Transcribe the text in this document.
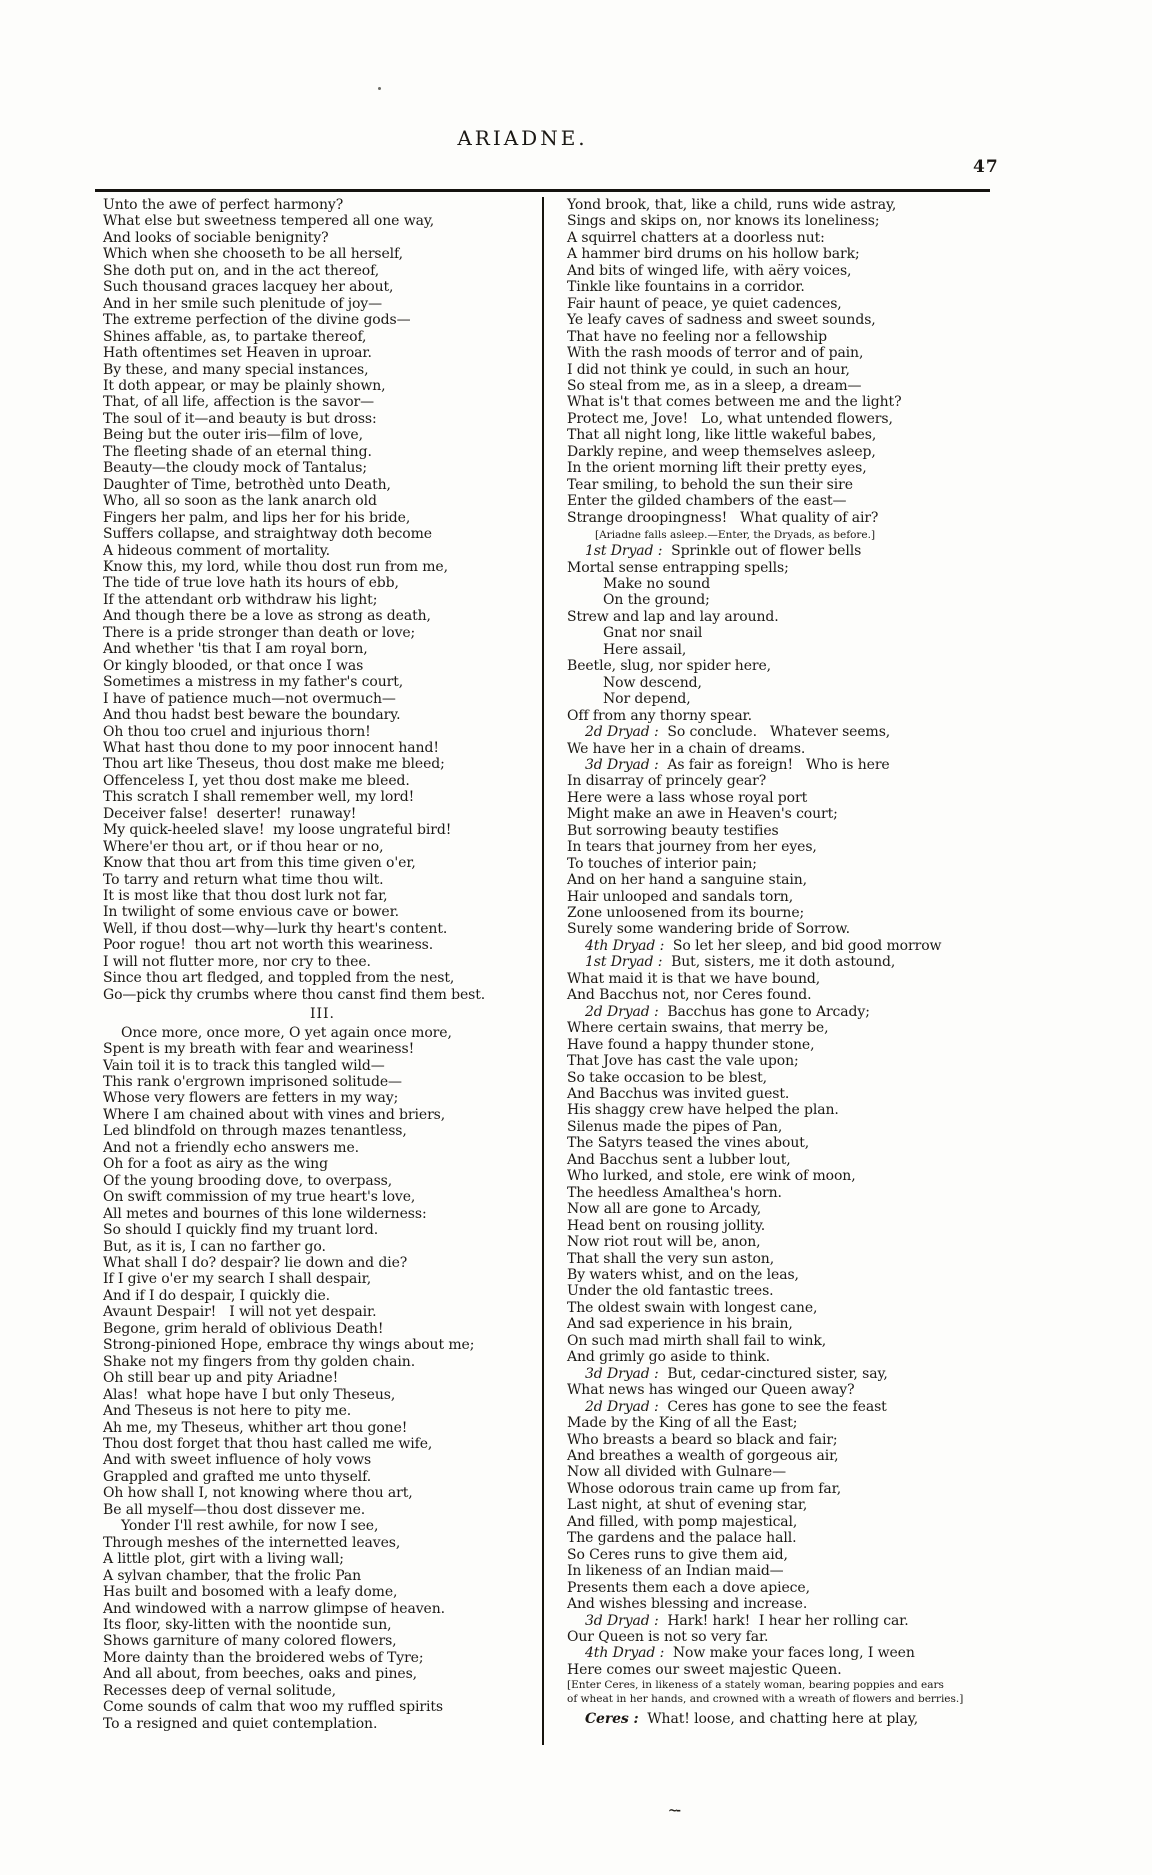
ARIADNE.
47
Unto the awe of perfect harmony?
What else but sweetness tempered all one way,
And looks of sociable benignity?
Which when she chooseth to be all herself,
She doth put on, and in the act thereof,
Such thousand graces lacquey her about,
And in her smile such plenitude of joy—
The extreme perfection of the divine gods—
Shines affable, as, to partake thereof,
Hath oftentimes set Heaven in uproar.
By these, and many special instances,
It doth appear, or may be plainly shown,
That, of all life, affection is the savor—
The soul of it—and beauty is but dross:
Being but the outer iris—film of love,
The fleeting shade of an eternal thing.
Beauty—the cloudy mock of Tantalus;
Daughter of Time, betrothèd unto Death,
Who, all so soon as the lank anarch old
Fingers her palm, and lips her for his bride,
Suffers collapse, and straightway doth become
A hideous comment of mortality.
Know this, my lord, while thou dost run from me,
The tide of true love hath its hours of ebb,
If the attendant orb withdraw his light;
And though there be a love as strong as death,
There is a pride stronger than death or love;
And whether 'tis that I am royal born,
Or kingly blooded, or that once I was
Sometimes a mistress in my father's court,
I have of patience much—not overmuch—
And thou hadst best beware the boundary.
Oh thou too cruel and injurious thorn!
What hast thou done to my poor innocent hand!
Thou art like Theseus, thou dost make me bleed;
Offenceless I, yet thou dost make me bleed.
This scratch I shall remember well, my lord!
Deceiver false!  deserter!  runaway!
My quick-heeled slave!  my loose ungrateful bird!
Where'er thou art, or if thou hear or no,
Know that thou art from this time given o'er,
To tarry and return what time thou wilt.
It is most like that thou dost lurk not far,
In twilight of some envious cave or bower.
Well, if thou dost—why—lurk thy heart's content.
Poor rogue!  thou art not worth this weariness.
I will not flutter more, nor cry to thee.
Since thou art fledged, and toppled from the nest,
Go—pick thy crumbs where thou canst find them best.
III.
Once more, once more, O yet again once more,
Spent is my breath with fear and weariness!
Vain toil it is to track this tangled wild—
This rank o'ergrown imprisoned solitude—
Whose very flowers are fetters in my way;
Where I am chained about with vines and briers,
Led blindfold on through mazes tenantless,
And not a friendly echo answers me.
Oh for a foot as airy as the wing
Of the young brooding dove, to overpass,
On swift commission of my true heart's love,
All metes and bournes of this lone wilderness:
So should I quickly find my truant lord.
But, as it is, I can no farther go.
What shall I do? despair? lie down and die?
If I give o'er my search I shall despair,
And if I do despair, I quickly die.
Avaunt Despair!   I will not yet despair.
Begone, grim herald of oblivious Death!
Strong-pinioned Hope, embrace thy wings about me;
Shake not my fingers from thy golden chain.
Oh still bear up and pity Ariadne!
Alas!  what hope have I but only Theseus,
And Theseus is not here to pity me.
Ah me, my Theseus, whither art thou gone!
Thou dost forget that thou hast called me wife,
And with sweet influence of holy vows
Grappled and grafted me unto thyself.
Oh how shall I, not knowing where thou art,
Be all myself—thou dost dissever me.
Yonder I'll rest awhile, for now I see,
Through meshes of the internetted leaves,
A little plot, girt with a living wall;
A sylvan chamber, that the frolic Pan
Has built and bosomed with a leafy dome,
And windowed with a narrow glimpse of heaven.
Its floor, sky-litten with the noontide sun,
Shows garniture of many colored flowers,
More dainty than the broidered webs of Tyre;
And all about, from beeches, oaks and pines,
Recesses deep of vernal solitude,
Come sounds of calm that woo my ruffled spirits
To a resigned and quiet contemplation.
Yond brook, that, like a child, runs wide astray,
Sings and skips on, nor knows its loneliness;
A squirrel chatters at a doorless nut:
A hammer bird drums on his hollow bark;
And bits of winged life, with aëry voices,
Tinkle like fountains in a corridor.
Fair haunt of peace, ye quiet cadences,
Ye leafy caves of sadness and sweet sounds,
That have no feeling nor a fellowship
With the rash moods of terror and of pain,
I did not think ye could, in such an hour,
So steal from me, as in a sleep, a dream—
What is't that comes between me and the light?
Protect me, Jove!   Lo, what untended flowers,
That all night long, like little wakeful babes,
Darkly repine, and weep themselves asleep,
In the orient morning lift their pretty eyes,
Tear smiling, to behold the sun their sire
Enter the gilded chambers of the east—
Strange droopingness!   What quality of air?
[Ariadne falls asleep.—Enter, the Dryads, as before.]
1st Dryad :  Sprinkle out of flower bells
Mortal sense entrapping spells;
Make no sound
On the ground;
Strew and lap and lay around.
Gnat nor snail
Here assail,
Beetle, slug, nor spider here,
Now descend,
Nor depend,
Off from any thorny spear.
2d Dryad :  So conclude.   Whatever seems,
We have her in a chain of dreams.
3d Dryad :  As fair as foreign!   Who is here
In disarray of princely gear?
Here were a lass whose royal port
Might make an awe in Heaven's court;
But sorrowing beauty testifies
In tears that journey from her eyes,
To touches of interior pain;
And on her hand a sanguine stain,
Hair unlooped and sandals torn,
Zone unloosened from its bourne;
Surely some wandering bride of Sorrow.
4th Dryad :  So let her sleep, and bid good morrow
1st Dryad :  But, sisters, me it doth astound,
What maid it is that we have bound,
And Bacchus not, nor Ceres found.
2d Dryad :  Bacchus has gone to Arcady;
Where certain swains, that merry be,
Have found a happy thunder stone,
That Jove has cast the vale upon;
So take occasion to be blest,
And Bacchus was invited guest.
His shaggy crew have helped the plan.
Silenus made the pipes of Pan,
The Satyrs teased the vines about,
And Bacchus sent a lubber lout,
Who lurked, and stole, ere wink of moon,
The heedless Amalthea's horn.
Now all are gone to Arcady,
Head bent on rousing jollity.
Now riot rout will be, anon,
That shall the very sun aston,
By waters whist, and on the leas,
Under the old fantastic trees.
The oldest swain with longest cane,
And sad experience in his brain,
On such mad mirth shall fail to wink,
And grimly go aside to think.
3d Dryad :  But, cedar-cinctured sister, say,
What news has winged our Queen away?
2d Dryad :  Ceres has gone to see the feast
Made by the King of all the East;
Who breasts a beard so black and fair;
And breathes a wealth of gorgeous air,
Now all divided with Gulnare—
Whose odorous train came up from far,
Last night, at shut of evening star,
And filled, with pomp majestical,
The gardens and the palace hall.
So Ceres runs to give them aid,
In likeness of an Indian maid—
Presents them each a dove apiece,
And wishes blessing and increase.
3d Dryad :  Hark! hark!  I hear her rolling car.
Our Queen is not so very far.
4th Dryad :  Now make your faces long, I ween
Here comes our sweet majestic Queen.
[Enter Ceres, in likeness of a stately woman, bearing poppies and ears
of wheat in her hands, and crowned with a wreath of flowers and berries.]
Ceres :  What! loose, and chatting here at play,
~-
